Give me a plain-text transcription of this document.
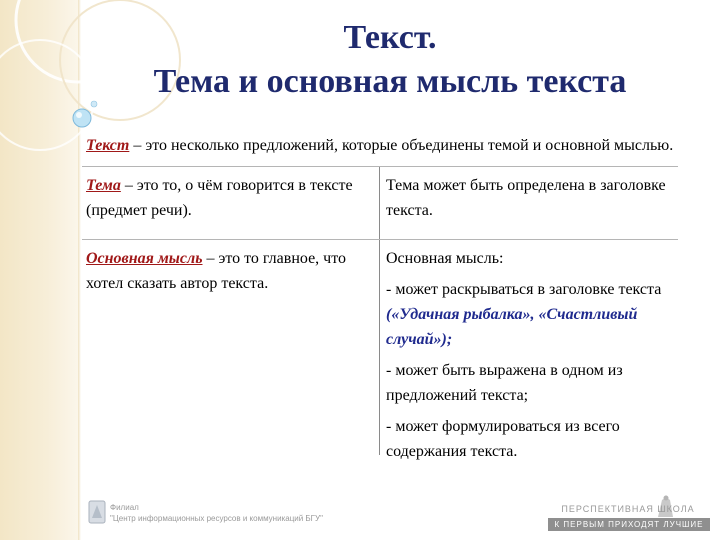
Текст.
Тема и основная мысль текста
Текст – это несколько предложений, которые объединены темой и основной мыслью.
Тема – это то, о чём говорится в тексте (предмет речи).
Тема может быть определена в заголовке текста.
Основная мысль – это то главное, что хотел сказать автор текста.

Основная мысль:

- может раскрываться в заголовке текста («Удачная рыбалка», «Счастливый случай»);

- может быть выражена в одном из предложений текста;

- может формулироваться из всего содержания текста.

Филиал
"Центр информационных ресурсов и коммуникаций БГУ"
ПЕРСПЕКТИВНАЯ ШКОЛА
К ПЕРВЫМ ПРИХОДЯТ ЛУЧШИЕ
